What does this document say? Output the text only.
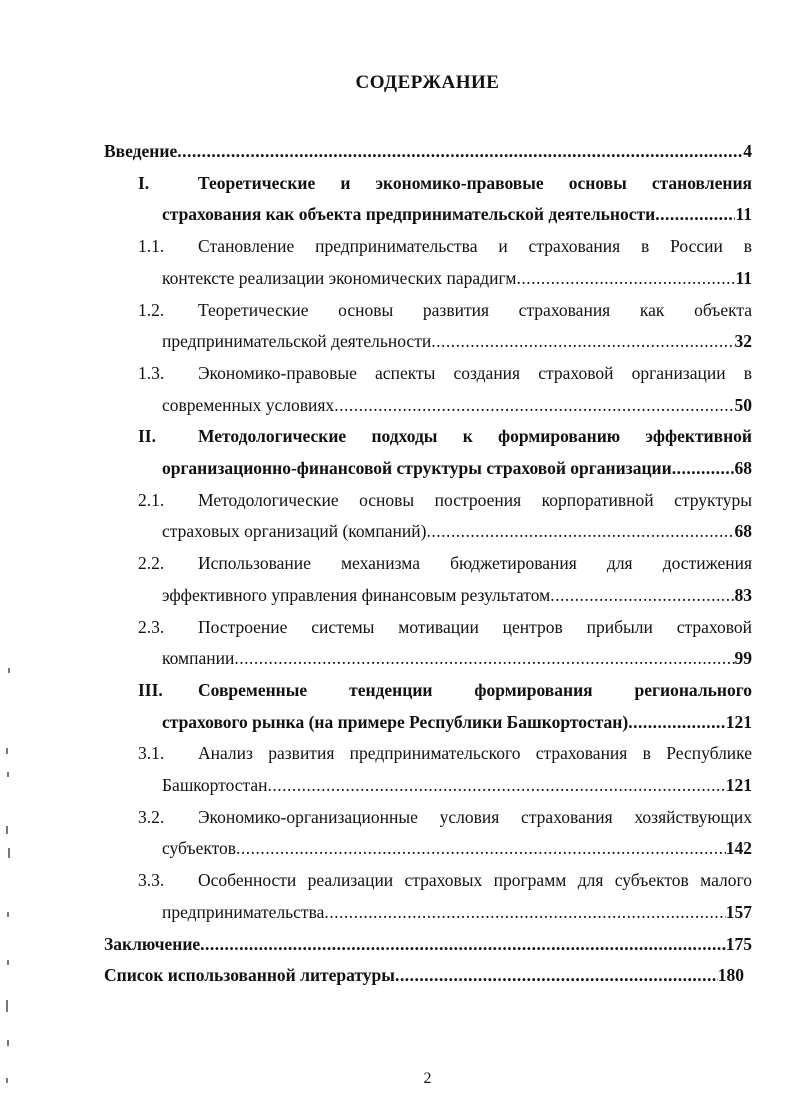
СОДЕРЖАНИЕ
Введение .....	4
I.	Теоретические и экономико-правовые основы становления
страхования как объекта предпринимательской деятельности .....	11
1.1.	Становление предпринимательства и страхования в России в
контексте реализации экономических парадигм .....	11
1.2.	Теоретические основы развития страхования как объекта
предпринимательской деятельности .....	32
1.3.	Экономико-правовые аспекты создания страховой организации в
современных условиях .....	50
II.	Методологические подходы к формированию эффективной
организационно-финансовой структуры страховой организации .....	68
2.1.	Методологические основы построения корпоративной структуры
страховых организаций (компаний) .....	68
2.2.	Использование механизма бюджетирования для достижения
эффективного управления финансовым результатом .....	83
2.3.	Построение системы мотивации центров прибыли страховой
компании .....	99
III.	Современные тенденции формирования регионального
страхового рынка (на примере Республики Башкортостан) .....	121
3.1.	Анализ развития предпринимательского страхования в Республике
Башкортостан .....	121
3.2.	Экономико-организационные условия страхования хозяйствующих
субъектов .....	142
3.3.	Особенности реализации страховых программ для субъектов малого
предпринимательства .....	157
Заключение .....	175
Список использованной литературы .....	180
2
